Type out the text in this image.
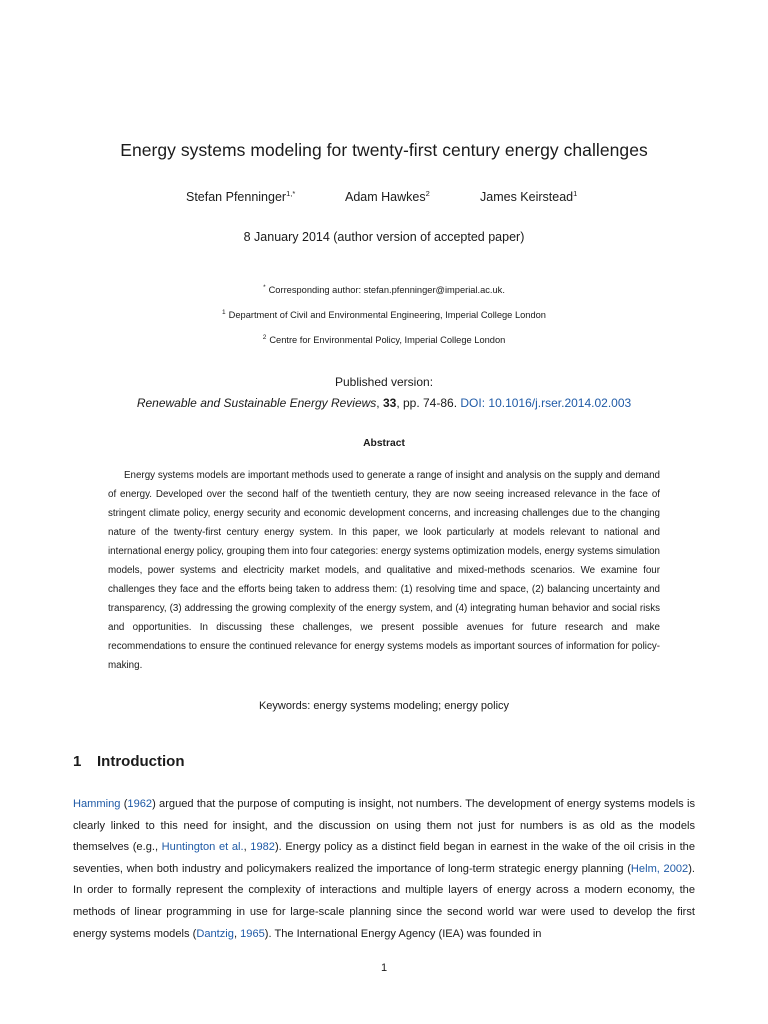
Energy systems modeling for twenty-first century energy challenges
Stefan Pfenninger$^{1,*}$	Adam Hawkes$^2$	James Keirstead$^1$
8 January 2014 (author version of accepted paper)
* Corresponding author: stefan.pfenninger@imperial.ac.uk.
$^1$ Department of Civil and Environmental Engineering, Imperial College London
$^2$ Centre for Environmental Policy, Imperial College London
Published version:
Renewable and Sustainable Energy Reviews, 33, pp. 74-86. DOI: 10.1016/j.rser.2014.02.003
Abstract

Energy systems models are important methods used to generate a range of insight and analysis on the supply and demand of energy. Developed over the second half of the twentieth century, they are now seeing increased relevance in the face of stringent climate policy, energy security and economic development concerns, and increasing challenges due to the changing nature of the twenty-first century energy system. In this paper, we look particularly at models relevant to national and international energy policy, grouping them into four categories: energy systems optimization models, energy systems simulation models, power systems and electricity market models, and qualitative and mixed-methods scenarios. We examine four challenges they face and the efforts being taken to address them: (1) resolving time and space, (2) balancing uncertainty and transparency, (3) addressing the growing complexity of the energy system, and (4) integrating human behavior and social risks and opportunities. In discussing these challenges, we present possible avenues for future research and make recommendations to ensure the continued relevance for energy systems models as important sources of information for policy-making.

Keywords: energy systems modeling; energy policy
1 Introduction

Hamming (1962) argued that the purpose of computing is insight, not numbers. The development of energy systems models is clearly linked to this need for insight, and the discussion on using them not just for numbers is as old as the models themselves (e.g., Huntington et al., 1982). Energy policy as a distinct field began in earnest in the wake of the oil crisis in the seventies, when both industry and policymakers realized the importance of long-term strategic energy planning (Helm, 2002). In order to formally represent the complexity of interactions and multiple layers of energy across a modern economy, the methods of linear programming in use for large-scale planning since the second world war were used to develop the first energy systems models (Dantzig, 1965). The International Energy Agency (IEA) was founded in

1
